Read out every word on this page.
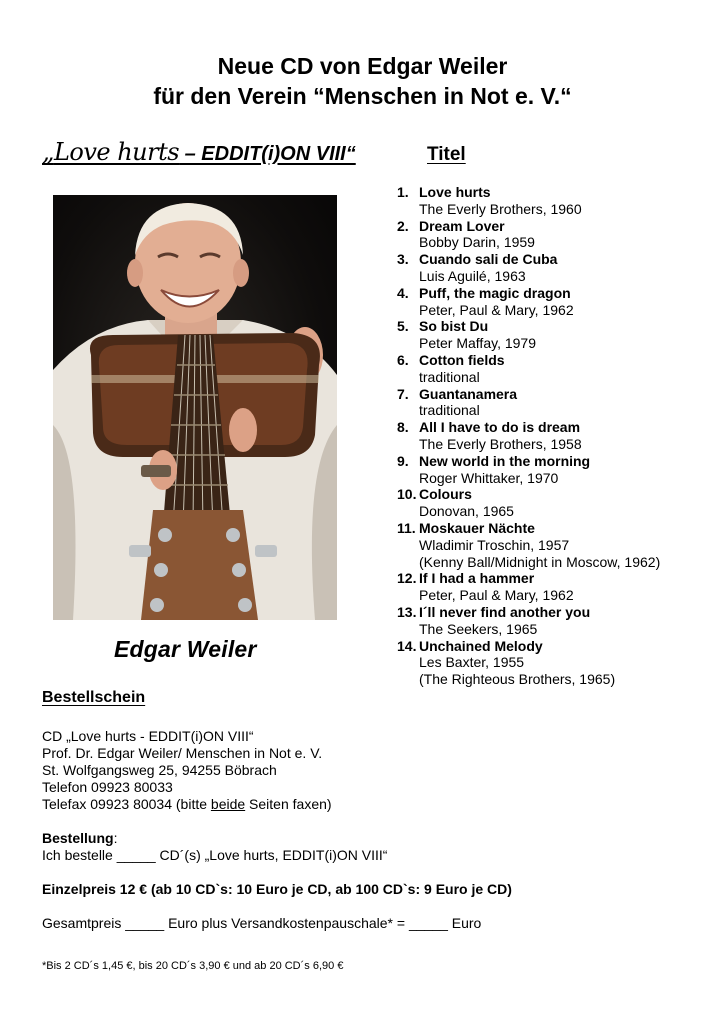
Neue CD von Edgar Weiler
für den Verein “Menschen in Not e. V.“
„Love hurts – EDDIT(i)ON VIII“	Titel
Edgar Weiler
1. Love hurts
The Everly Brothers, 1960
2. Dream Lover
Bobby Darin, 1959
3. Cuando sali de Cuba
Luis Aguilé, 1963
4. Puff, the magic dragon
Peter, Paul & Mary, 1962
5. So bist Du
Peter Maffay, 1979
6. Cotton fields
traditional
7. Guantanamera
traditional
8. All I have to do is dream
The Everly Brothers, 1958
9. New world in the morning
Roger Whittaker, 1970
10. Colours
Donovan, 1965
11. Moskauer Nächte
Wladimir Troschin, 1957
(Kenny Ball/Midnight in Moscow, 1962)
12. If I had a hammer
Peter, Paul & Mary, 1962
13. I´ll never find another you
The Seekers, 1965
14. Unchained Melody
Les Baxter, 1955
(The Righteous Brothers, 1965)

Bestellschein

CD „Love hurts - EDDIT(i)ON VIII“

Prof. Dr. Edgar Weiler/ Menschen in Not e. V.

St. Wolfgangsweg 25, 94255 Böbrach

Telefon 09923 80033

Telefax 09923 80034 (bitte beide Seiten faxen)

Bestellung:

Ich bestelle _____ CD´(s) „Love hurts, EDDIT(i)ON VIII“

Einzelpreis 12 € (ab 10 CD`s: 10 Euro je CD, ab 100 CD`s: 9 Euro je CD)

Gesamtpreis _____ Euro plus Versandkostenpauschale* = _____ Euro

*Bis 2 CD´s 1,45 €, bis 20 CD´s 3,90 € und ab 20 CD´s 6,90 €
